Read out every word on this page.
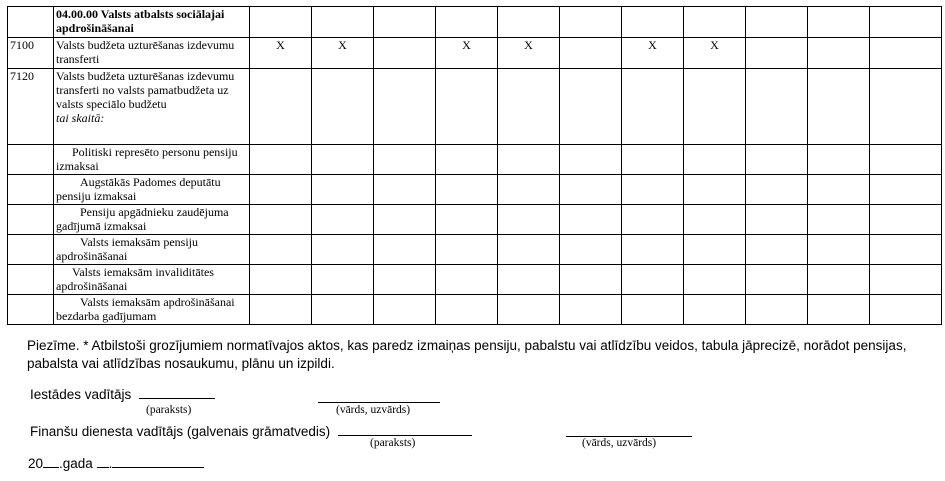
	04.00.00 Valsts atbalsts sociālajai apdrošināšanai											
7100	Valsts budžeta uzturēšanas izdevumu transferti	X	X		X	X		X	X			
7120	Valsts budžeta uzturēšanas izdevumu transferti no valsts pamatbudžeta uz valsts speciālo budžetu
tai skaitā:											
	Politiski represēto personu pensiju izmaksai											
	Augstākās Padomes deputātu pensiju izmaksai											
	Pensiju apgādnieku zaudējuma gadījumā izmaksai											
	Valsts iemaksām pensiju apdrošināšanai											
	Valsts iemaksām invaliditātes apdrošināšanai											
	Valsts iemaksām apdrošināšanai bezdarba gadījumam											
Piezīme. * Atbilstoši grozījumiem normatīvajos aktos, kas paredz izmaiņas pensiju, pabalstu vai atlīdzību veidos, tabula jāprecizē, norādot pensijas, pabalsta vai atlīdzības nosaukumu, plānu un izpildi.
Iestādes vadītājs
(paraksts)	(vārds, uzvārds)
Finanšu dienesta vadītājs (galvenais grāmatvedis)
(paraksts)	(vārds, uzvārds)
20 .gada .
